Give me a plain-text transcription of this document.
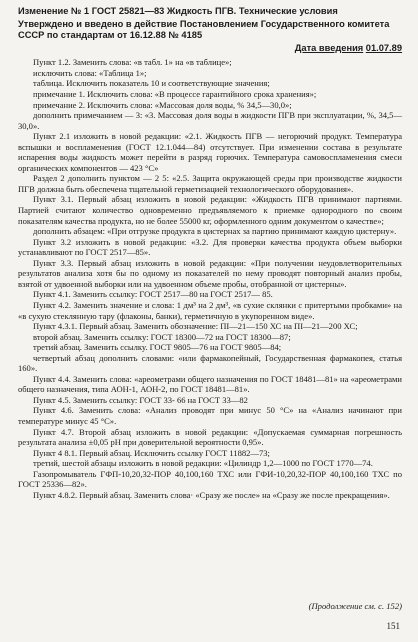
Изменение № 1 ГОСТ 25821—83 Жидкость ПГВ. Технические условия

Утверждено и введено в действие Постановлением Государственного комитета СССР по стандартам от 16.12.88 № 4185

Дата введения 01.07.89

Пункт 1.2. Заменить слова: «в табл. 1» на «в таблице»;

исключить слова: «Таблица 1»;

таблица. Исключить показатель 10 и соответствующие значения;

примечание 1. Исключить слова: «В процессе гарантийного срока хранения»;

примечание 2. Исключить слова: «Массовая доля воды, % 34,5—30,0»;

дополнить примечанием — 3: «3. Массовая доля воды в жидкости ПГВ при эксплуатации, %, 34,5—30,0».

Пункт 2.1 изложить в новой редакции: «2.1. Жидкость ПГВ — негорючий продукт. Температура вспышки и воспламенения (ГОСТ 12.1.044—84) отсутствует. При изменении состава в результате испарения воды жидкость может перейти в разряд горючих. Температура самовоспламенения смеси органических компонентов — 423 °С»

Раздел 2 дополнить пунктом — 2 5: «2.5. Защита окружающей среды при производстве жидкости ПГВ должна быть обеспечена тщательной герметизацией технологического оборудования».

Пункт 3.1. Первый абзац изложить в новой редакции: «Жидкость ПГВ принимают партиями. Партией считают количество одновременно предъявляемого к приемке однородного по своим показателям качества продукта, но не более 55000 кг, оформленного одним документом о качестве»;

дополнить абзацем: «При отгрузке продукта в цистернах за партию принимают каждую цистерну».

Пункт 3.2 изложить в новой редакции: «3.2. Для проверки качества продукта объем выборки устанавливают по ГОСТ 2517—85».

Пункт 3.3. Первый абзац изложить в новой редакции: «При получении неудовлетворительных результатов анализа хотя бы по одному из показателей по нему проводят повторный анализ пробы, взятой от удвоенной выборки или на удвоенном объеме пробы, отобранной от цистерны».

Пункт 4.1. Заменить ссылку: ГОСТ 2517—80 на ГОСТ 2517— 85.

Пункт 4.2. Заменить значение и слова: 1 дм³ на 2 дм³, «в сухие склянки с притертыми пробками» на «в сухую стеклянную тару (флаконы, банки), герметичную в укупоренном виде».

Пункт 4.3.1. Первый абзац. Заменить обозначение: ПІ—21—150 ХС на ПІ—21—200 ХС;

второй абзац. Заменить ссылку: ГОСТ 18300—72 на ГОСТ 18300—87;

третий абзац. Заменить ссылку. ГОСТ 9805—76 на ГОСТ 9805—84;

четвертый абзац дополнить словами: «или фармакопейный, Государственная фармакопея, статья 160».

Пункт 4.4. Заменить слова: «ареометрами общего назначения по ГОСТ 18481—81» на «ареометрами общего назначения, типа АОН-1, АОН-2, по ГОСТ 18481—81».

Пункт 4.5. Заменить ссылку: ГОСТ 33- 66 на ГОСТ 33—82

Пункт 4.6. Заменить слова: «Анализ проводят при минус 50 °С» на «Анализ начинают при температуре минус 45 °С».

Пункт 4.7. Второй абзац изложить в новой редакции: «Допускаемая суммарная погрешность результата анализа ±0,05 рН при доверительной вероятности 0,95».

Пункт 4 8.1. Первый абзац. Исключить ссылку ГОСТ 11882—73;

третий, шестой абзацы изложить в новой редакции: «Цилиндр 1,2—1000 по ГОСТ 1770—74.

Газопромыватель ГФП-10,20,32-ПОР 40,100,160 ТХС или ГФИ-10,20,32-ПОР 40,100,160 ТХС по ГОСТ 25336—82».

Пункт 4.8.2. Первый абзац. Заменить слова· «Сразу же после» на «Сразу же после прекращения».

(Продолжение см. с. 152)

151
